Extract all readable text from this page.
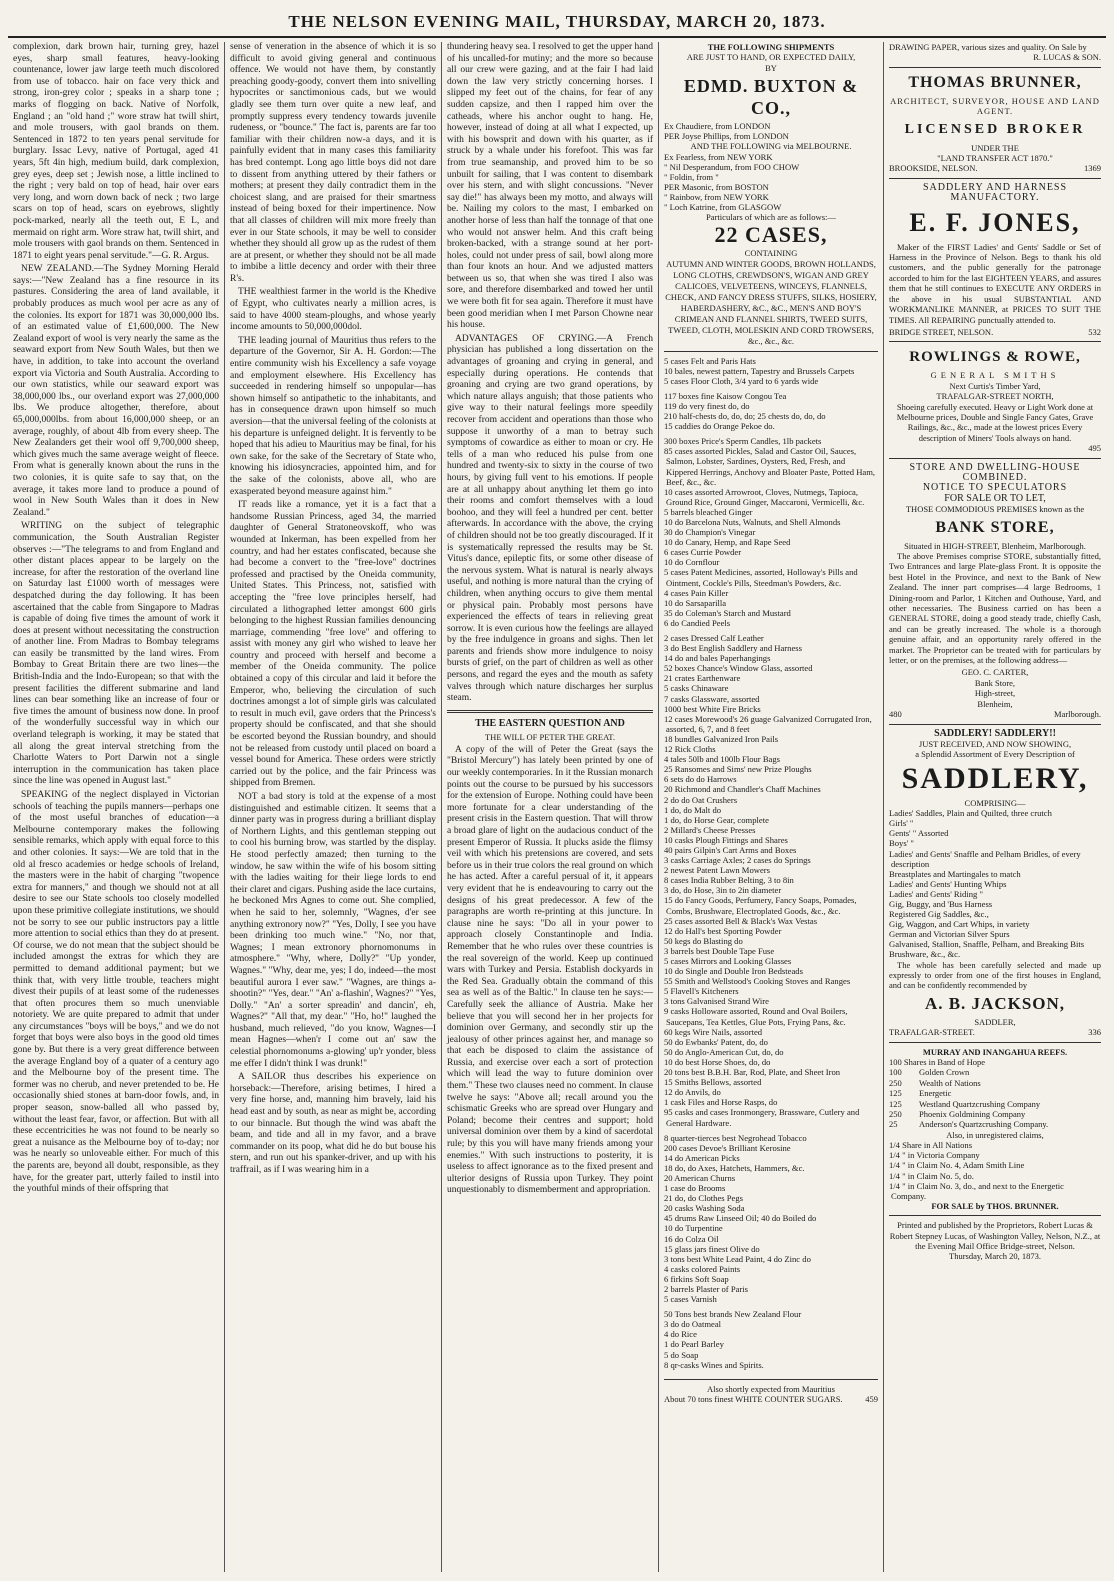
THE NELSON EVENING MAIL, THURSDAY, MARCH 20, 1873.

complexion, dark brown hair, turning grey, hazel eyes, sharp small features, heavy-looking countenance, lower jaw large teeth much discolored from use of tobacco. hair on face very thick and strong, iron-grey color ; speaks in a sharp tone ; marks of flogging on back. Native of Norfolk, England ; an "old hand ;" wore straw hat twill shirt, and mole trousers, with gaol brands on them. Sentenced in 1872 to ten years penal servitude for burglary. Issac Levy, native of Portugal, aged 41 years, 5ft 4in high, medium build, dark complexion, grey eyes, deep set ; Jewish nose, a little inclined to the right ; very bald on top of head, hair over ears very long, and worn down back of neck ; two large scars on top of head, scars on eyebrows, slightly pock-marked, nearly all the teeth out, E L, and mermaid on right arm. Wore straw hat, twill shirt, and mole trousers with gaol brands on them. Sentenced in 1871 to eight years penal servitude."—G. R. Argus.

NEW ZEALAND.—The Sydney Morning Herald says:—"New Zealand has a fine resource in its pastures. Considering the area of land available, it probably produces as much wool per acre as any of the colonies. Its export for 1871 was 30,000,000 lbs. of an estimated value of £1,600,000. The New Zealand export of wool is very nearly the same as the seaward export from New South Wales, but then we have, in addition, to take into account the overland export via Victoria and South Australia. According to our own statistics, while our seaward export was 38,000,000 lbs., our overland export was 27,000,000 lbs. We produce altogether, therefore, about 65,000,000lbs. from about 16,000,000 sheep, or an average, roughly, of about 4lb from every sheep. The New Zealanders get their wool off 9,700,000 sheep, which gives much the same average weight of fleece. From what is generally known about the runs in the two colonies, it is quite safe to say that, on the average, it takes more land to produce a pound of wool in New South Wales than it does in New Zealand."

WRITING on the subject of telegraphic communication, the South Australian Register observes :—"The telegrams to and from England and other distant places appear to be largely on the increase, for after the restoration of the overland line on Saturday last £1000 worth of messages were despatched during the day following. It has been ascertained that the cable from Singapore to Madras is capable of doing five times the amount of work it does at present without necessitating the construction of another line. From Madras to Bombay telegrams can easily be transmitted by the land wires. From Bombay to Great Britain there are two lines—the British-India and the Indo-European; so that with the present facilities the different submarine and land lines can bear something like an increase of four or five times the amount of business now done. In proof of the wonderfully successful way in which our overland telegraph is working, it may be stated that all along the great interval stretching from the Charlotte Waters to Port Darwin not a single interruption in the communication has taken place since the line was opened in August last."

SPEAKING of the neglect displayed in Victorian schools of teaching the pupils manners—perhaps one of the most useful branches of education—a Melbourne contemporary makes the following sensible remarks, which apply with equal force to this and other colonies. It says:—We are told that in the old al fresco academies or hedge schools of Ireland, the masters were in the habit of charging "twopence extra for manners," and though we should not at all desire to see our State schools too closely modelled upon these primitive collegiate institutions, we should not be sorry to see our public instructors pay a little more attention to social ethics than they do at present. Of course, we do not mean that the subject should be included amongst the extras for which they are permitted to demand additional payment; but we think that, with very little trouble, teachers might divest their pupils of at least some of the rudenesses that often procures them so much unenviable notoriety. We are quite prepared to admit that under any circumstances "boys will be boys," and we do not forget that boys were also boys in the good old times gone by. But there is a very great difference between the average England boy of a quater of a century ago and the Melbourne boy of the present time. The former was no cherub, and never pretended to be. He occasionally shied stones at barn-door fowls, and, in proper season, snow-balled all who passed by, without the least fear, favor, or affection. But with all these eccentricities he was not found to be nearly so great a nuisance as the Melbourne boy of to-day; nor was he nearly so unloveable either. For much of this the parents are, beyond all doubt, responsible, as they have, for the greater part, utterly failed to instil into the youthful minds of their offspring that

sense of veneration in the absence of which it is so difficult to avoid giving general and continuous offence. We would not have them, by constantly preaching goody-goody, convert them into snivelling hypocrites or sanctimonious cads, but we would gladly see them turn over quite a new leaf, and promptly suppress every tendency towards juvenile rudeness, or "bounce." The fact is, parents are far too familiar with their children now-a days, and it is painfully evident that in many cases this familiarity has bred contempt. Long ago little boys did not dare to dissent from anything uttered by their fathers or mothers; at present they daily contradict them in the choicest slang, and are praised for their smartness instead of being boxed for their impertinence. Now that all classes of children will mix more freely than ever in our State schools, it may be well to consider whether they should all grow up as the rudest of them are at present, or whether they should not be all made to imbibe a little decency and order with their three R's.

THE wealthiest farmer in the world is the Khedive of Egypt, who cultivates nearly a million acres, is said to have 4000 steam-ploughs, and whose yearly income amounts to 50,000,000dol.

THE leading journal of Mauritius thus refers to the departure of the Governor, Sir A. H. Gordon:—The entire community wish his Excellency a safe voyage and employment elsewhere. His Excellency has succeeded in rendering himself so unpopular—has shown himself so antipathetic to the inhabitants, and has in consequence drawn upon himself so much aversion—that the universal feeling of the colonists at his departure is unfeigned delight. It is fervently to be hoped that his adieu to Mauritius may be final, for his own sake, for the sake of the Secretary of State who, knowing his idiosyncracies, appointed him, and for the sake of the colonists, above all, who are exasperated beyond measure against him."

IT reads like a romance, yet it is a fact that a handsome Russian Princess, aged 34, the married daughter of General Stratoneovskoff, who was wounded at Inkerman, has been expelled from her country, and had her estates confiscated, because she had become a convert to the "free-love" doctrines professed and practised by the Oneida community, United States. This Princess, not, satisfied with accepting the "free love principles herself, had circulated a lithographed letter amongst 600 girls belonging to the highest Russian families denouncing marriage, commending "free love" and offering to assist with money any girl who wished to leave her country and proceed with herself and become a member of the Oneida community. The police obtained a copy of this circular and laid it before the Emperor, who, believing the circulation of such doctrines amongst a lot of simple girls was calculated to result in much evil, gave orders that the Princess's property should be confiscated, and that she should be escorted beyond the Russian boundry, and should not be released from custody until placed on board a vessel bound for America. These orders were strictly carried out by the police, and the fair Princess was shipped from Bremen.

NOT a bad story is told at the expense of a most distinguished and estimable citizen. It seems that a dinner party was in progress during a brilliant display of Northern Lights, and this gentleman stepping out to cool his burning brow, was startled by the display. He stood perfectly amazed; then turning to the window, he saw within the wife of his bosom sitting with the ladies waiting for their liege lords to end their claret and cigars. Pushing aside the lace curtains, he beckoned Mrs Agnes to come out. She complied, when he said to her, solemnly, "Wagnes, d'er see anything extronory now?" "Yes, Dolly, I see you have been drinking too much wine." "No, nor that, Wagnes; I mean extronory phornomonums in atmosphere." "Why, where, Dolly?" "Up yonder, Wagnes." "Why, dear me, yes; I do, indeed—the most beautiful aurora I ever saw." "Wagnes, are things a-shootin?" "Yes, dear." "An' a-flashin', Wagnes?" "Yes, Dolly." "An' a sorter spreadin' and dancin', eh, Wagnes?" "All that, my dear." "Ho, ho!" laughed the husband, much relieved, "do you know, Wagnes—I mean Hagnes—when'r I come out an' saw the celestial phornomonums a-glowing' up'r yonder, bless me effer I didn't think I was drunk!"

A SAILOR thus describes his experience on horseback:—Therefore, arising betimes, I hired a very fine horse, and, manning him bravely, laid his head east and by south, as near as might be, according to our binnacle. But though the wind was abaft the beam, and tide and all in my favor, and a brave commander on its poop, what did he do but bouse his stern, and run out his spanker-driver, and up with his traffrail, as if I was wearing him in a

thundering heavy sea. I resolved to get the upper hand of his uncalled-for mutiny; and the more so because all our crew were gazing, and at the fair I had laid down the law very strictly concerning horses. I slipped my feet out of the chains, for fear of any sudden capsize, and then I rapped him over the catheads, where his anchor ought to hang. He, however, instead of doing at all what I expected, up with his bowsprit and down with his quarter, as if struck by a whale under his forefoot. This was far from true seamanship, and proved him to be so unbuilt for sailing, that I was content to disembark over his stern, and with slight concussions. "Never say die!" has always been my motto, and always will be. Nailing my colors to the mast, I embarked on another horse of less than half the tonnage of that one who would not answer helm. And this craft being broken-backed, with a strange sound at her port-holes, could not under press of sail, bowl along more than four knots an hour. And we adjusted matters between us so, that when she was tired I also was sore, and therefore disembarked and towed her until we were both fit for sea again. Therefore it must have been good meridian when I met Parson Chowne near his house.

ADVANTAGES OF CRYING.—A French physician has published a long dissertation on the advantages of groaning and crying in general, and especially during operations. He contends that groaning and crying are two grand operations, by which nature allays anguish; that those patients who give way to their natural feelings more speedily recover from accident and operations than those who suppose it unworthy of a man to betray such symptoms of cowardice as either to moan or cry. He tells of a man who reduced his pulse from one hundred and twenty-six to sixty in the course of two hours, by giving full vent to his emotions. If people are at all unhappy about anything let them go into their rooms and comfort themselves with a loud boohoo, and they will feel a hundred per cent. better afterwards. In accordance with the above, the crying of children should not be too greatly discouraged. If it is systematically repressed the results may be St. Vitus's dance, epileptic fits, or some other disease of the nervous system. What is natural is nearly always useful, and nothing is more natural than the crying of children, when anything occurs to give them mental or physical pain. Probably most persons have experienced the effects of tears in relieving great sorrow. It is even curious how the feelings are allayed by the free indulgence in groans and sighs. Then let parents and friends show more indulgence to noisy bursts of grief, on the part of children as well as other persons, and regard the eyes and the mouth as safety valves through which nature discharges her surplus steam.

THE EASTERN QUESTION AND
THE WILL OF PETER THE GREAT.

A copy of the will of Peter the Great (says the "Bristol Mercury") has lately been printed by one of our weekly contemporaries. In it the Russian monarch points out the course to be pursued by his successors for the extension of Europe. Nothing could have been more fortunate for a clear understanding of the present crisis in the Eastern question. That will throw a broad glare of light on the audacious conduct of the present Emperor of Russia. It plucks aside the flimsy veil with which his pretensions are covered, and sets before us in their true colors the real ground on which he has acted. After a careful persual of it, it appears very evident that he is endeavouring to carry out the designs of his great predecessor. A few of the paragraphs are worth re-printing at this juncture. In clause nine he says: "Do all in your power to approach closely Constantinople and India. Remember that he who rules over these countries is the real sovereign of the world. Keep up continued wars with Turkey and Persia. Establish dockyards in the Red Sea. Gradually obtain the command of this sea as well as of the Baltic." In clause ten he says:—Carefully seek the alliance of Austria. Make her believe that you will second her in her projects for dominion over Germany, and secondly stir up the jealousy of other princes against her, and manage so that each be disposed to claim the assistance of Russia, and exercise over each a sort of protection which will lead the way to future dominion over them." These two clauses need no comment. In clause twelve he says: "Above all; recall around you the schismatic Greeks who are spread over Hungary and Poland; become their centres and support; hold universal dominion over them by a kind of sacerdotal rule; by this you will have many friends among your enemies." With such instructions to posterity, it is useless to affect ignorance as to the fixed present and ulterior designs of Russia upon Turkey. They point unquestionably to dismemberment and appropriation.

THE FOLLOWING SHIPMENTS
ARE JUST TO HAND, OR EXPECTED DAILY,
BY
EDMD. BUXTON & CO.,
Ex Chaudiere, from LONDON
PER Joyse Phillips, from LONDON
AND THE FOLLOWING via MELBOURNE.
Ex Fearless, from NEW YORK
" Nil Desperandum, from FOO CHOW
" Foldin, from "
PER Masonic, from BOSTON
" Rainbow, from NEW YORK
" Loch Katrine, from GLASGOW
Particulars of which are as follows:—
22 CASES,
CONTAINING
AUTUMN AND WINTER GOODS, BROWN HOLLANDS, LONG CLOTHS, CREWDSON'S, WIGAN AND GREY CALICOES, VELVETEENS, WINCEYS, FLANNELS, CHECK, AND FANCY DRESS STUFFS, SILKS, HOSIERY, HABERDASHERY, &C., &C., MEN'S AND BOY'S CRIMEAN AND FLANNEL SHIRTS, TWEED SUITS, TWEED, CLOTH, MOLESKIN AND CORD TROWSERS, &c., &c., &c.
5 cases Felt and Paris Hats
10 bales, newest pattern, Tapestry and Brussels Carpets
5 cases Floor Cloth, 3/4 yard to 6 yards wide
117 boxes fine Kaisow Congou Tea
119 do very finest do, do
210 half-chests do, do, do; 25 chests do, do, do
15 caddies do Orange Pekoe do.
300 boxes Price's Sperm Candles, 1lb packets
85 cases assorted Pickles, Salad and Castor Oil, Sauces, Salmon, Lobster, Sardines, Oysters, Red, Fresh, and Kippered Herrings, Anchovy and Bloater Paste, Potted Ham, Beef, &c., &c.
10 cases assorted Arrowroot, Cloves, Nutmegs, Tapioca, Ground Rice, Ground Ginger, Maccaroni, Vermicelli, &c.
5 barrels bleached Ginger
10 do Barcelona Nuts, Walnuts, and Shell Almonds
30 do Champion's Vinegar
10 do Canary, Hemp, and Rape Seed
6 cases Currie Powder
10 do Cornflour
5 cases Patent Medicines, assorted, Holloway's Pills and Ointment, Cockle's Pills, Steedman's Powders, &c.
4 cases Pain Killer
10 do Sarsaparilla
35 do Coleman's Starch and Mustard
6 do Candied Peels
2 cases Dressed Calf Leather
3 do Best English Saddlery and Harness
14 do and bales Paperhangings
52 boxes Chance's Window Glass, assorted
21 crates Earthenware
5 casks Chinaware
7 casks Glassware, assorted
1000 best White Fire Bricks
12 cases Morewood's 26 guage Galvanized Corrugated Iron, assorted, 6, 7, and 8 feet
18 bundles Galvanized Iron Pails
12 Rick Cloths
4 tales 50lb and 100lb Flour Bags
25 Ransomes and Sims' new Prize Ploughs
6 sets do do Harrows
20 Richmond and Chandler's Chaff Machines
2 do do Oat Crushers
1 do, do Malt do
1 do, do Horse Gear, complete
2 Millard's Cheese Presses
10 casks Plough Fittings and Shares
40 pairs Gilpin's Cart Arms and Boxes
3 casks Carriage Axles; 2 cases do Springs
2 newest Patent Lawn Mowers
8 cases India Rubber Belting, 3 to 8in
3 do, do Hose, 3in to 2in diameter
15 do Fancy Goods, Perfumery, Fancy Soaps, Pomades, Combs, Brushware, Electroplated Goods, &c., &c.
25 cases assorted Bell & Black's Wax Vestas
12 do Hall's best Sporting Powder
50 kegs do Blasting do
3 barrels best Double Tape Fuse
5 cases Mirrors and Looking Glasses
10 do Single and Double Iron Bedsteads
55 Smith and Wellstood's Cooking Stoves and Ranges
5 Flavell's Kitcheners
3 tons Galvanised Strand Wire
9 casks Holloware assorted, Round and Oval Boilers, Saucepans, Tea Kettles, Glue Pots, Frying Pans, &c.
60 kegs Wire Nails, assorted
50 do Ewbanks' Patent, do, do
50 do Anglo-American Cut, do, do
10 do best Horse Shoes, do, do
20 tons best B.B.H. Bar, Rod, Plate, and Sheet Iron
15 Smiths Bellows, assorted
12 do Anvils, do
1 cask Files and Horse Rasps, do
95 casks and cases Ironmongery, Brassware, Cutlery and General Hardware.
8 quarter-tierces best Negrohead Tobacco
200 cases Devoe's Brilliant Kerosine
14 do American Picks
18 do, do Axes, Hatchets, Hammers, &c.
20 American Churns
1 case do Brooms
21 do, do Clothes Pegs
20 casks Washing Soda
45 drums Raw Linseed Oil; 40 do Boiled do
10 do Turpentine
16 do Colza Oil
15 glass jars finest Olive do
3 tons best White Lead Paint, 4 do Zinc do
4 casks colored Paints
6 firkins Soft Soap
2 barrels Plaster of Paris
5 cases Varnish
50 Tons best brands New Zealand Flour
3 do do Oatmeal
4 do Rice
1 do Pearl Barley
5 do Soap
8 qr-casks Wines and Spirits.
Also shortly expected from Mauritius
About 70 tons finest WHITE COUNTER SUGARS.	459
DRAWING PAPER, various sizes and quality. On Sale by
R. LUCAS & SON.
THOMAS BRUNNER,
ARCHITECT, SURVEYOR, HOUSE AND LAND AGENT.
LICENSED BROKER
UNDER THE
"LAND TRANSFER ACT 1870."
BROOKSIDE, NELSON.	1369
SADDLERY AND HARNESS MANUFACTORY.
E. F. JONES,

Maker of the FIRST Ladies' and Gents' Saddle or Set of Harness in the Province of Nelson. Begs to thank his old customers, and the public generally for the patronage accorded to him for the last EIGHTEEN YEARS, and assures them that he still continues to EXECUTE ANY ORDERS in the above in his usual SUBSTANTIAL AND WORKMANLIKE MANNER, at PRICES TO SUIT THE TIMES. All REPAIRING punctually attended to.

BRIDGE STREET, NELSON.	532
ROWLINGS & ROWE,
GENERAL SMITHS
Next Curtis's Timber Yard,
TRAFALGAR-STREET NORTH,
Shoeing carefully executed. Heavy or Light Work done at Melbourne prices, Double and Single Fancy Gates, Grave Railings, &c., &c., made at the lowest prices Every description of Miners' Tools always on hand.
495
STORE AND DWELLING-HOUSE COMBINED.
NOTICE TO SPECULATORS
FOR SALE OR TO LET,
THOSE COMMODIOUS PREMISES known as the
BANK STORE,
Situated in HIGH-STREET, Blenheim, Marlborough.

The above Premises comprise STORE, substantially fitted, Two Entrances and large Plate-glass Front. It is opposite the best Hotel in the Province, and next to the Bank of New Zealand. The inner part comprises—4 large Bedrooms, 1 Dining-room and Parlor, 1 Kitchen and Outhouse, Yard, and other necessaries. The Business carried on has been a GENERAL STORE, doing a good steady trade, chiefly Cash, and can be greatly increased. The whole is a thorough genuine affair, and an opportunity rarely offered in the market. The Proprietor can be treated with for particulars by letter, or on the premises, at the following address—

GEO. C. CARTER,
Bank Store,
High-street,
Blenheim,
480	Marlborough.
SADDLERY! SADDLERY!!
JUST RECEIVED, AND NOW SHOWING,
a Splendid Assortment of Every Description of
SADDLERY,
COMPRISING—
Ladies' Saddles, Plain and Quilted, three crutch
Girls' "
Gents' " Assorted
Boys' "
Ladies' and Gents' Snaffle and Pelham Bridles, of every description
Breastplates and Martingales to match
Ladies' and Gents' Hunting Whips
Ladies' and Gents' Riding "
Gig, Buggy, and 'Bus Harness
Registered Gig Saddles, &c.,
Gig, Waggon, and Cart Whips, in variety
German and Victorian Silver Spurs
Galvanised, Stallion, Snaffle, Pelham, and Breaking Bits
Brushware, &c., &c.

The whole has been carefully selected and made up expressly to order from one of the first houses in England, and can be confidently recommended by

A. B. JACKSON,
SADDLER,
TRAFALGAR-STREET.	336
MURRAY AND INANGAHUA REEFS.
100 Shares in Band of Hope
100	Golden Crown
250	Wealth of Nations
125	Energetic
125	Westland Quartzcrushing Company
250	Phoenix Goldmining Company
25	Anderson's Quartzcrushing Company.
Also, in unregistered claims,
1/4 Share in All Nations
1/4 " in Victoria Company
1/4 " in Claim No. 4, Adam Smith Line
1/4 " in Claim No. 5, do.
1/4 " in Claim No. 3, do., and next to the Energetic Company.
FOR SALE by THOS. BRUNNER.
Printed and published by the Proprietors, Robert Lucas & Robert Stepney Lucas, of Washington Valley, Nelson, N.Z., at the Evening Mail Office Bridge-street, Nelson.
Thursday, March 20, 1873.
